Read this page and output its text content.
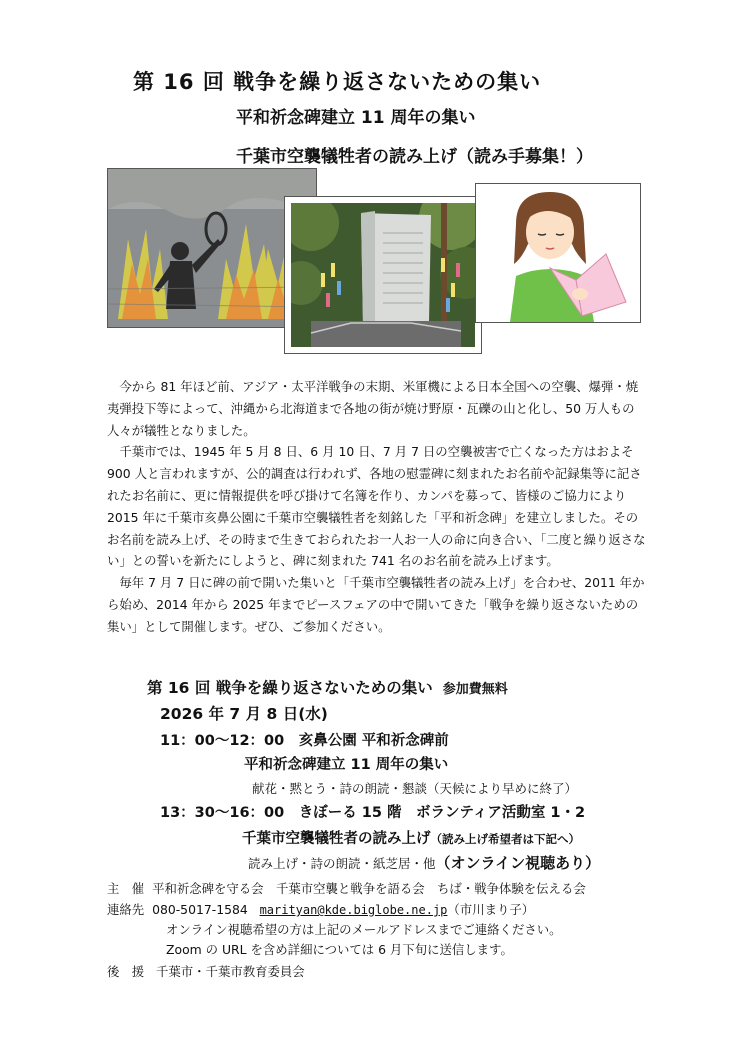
第 16 回 戦争を繰り返さないための集い
平和祈念碑建立 11 周年の集い
千葉市空襲犠牲者の読み上げ（読み手募集！）

今から 81 年ほど前、アジア・太平洋戦争の末期、米軍機による日本全国への空襲、爆弾・焼夷弾投下等によって、沖縄から北海道まで各地の街が焼け野原・瓦礫の山と化し、50 万人もの人々が犠牲となりました。

千葉市では、1945 年 5 月 8 日、6 月 10 日、7 月 7 日の空襲被害で亡くなった方はおよそ 900 人と言われますが、公的調査は行われず、各地の慰霊碑に刻まれたお名前や記録集等に記されたお名前に、更に情報提供を呼び掛けて名簿を作り、カンパを募って、皆様のご協力により 2015 年に千葉市亥鼻公園に千葉市空襲犠牲者を刻銘した「平和祈念碑」を建立しました。そのお名前を読み上げ、その時まで生きておられたお一人お一人の命に向き合い、「二度と繰り返さない」との誓いを新たにしようと、碑に刻まれた 741 名のお名前を読み上げます。

毎年 7 月 7 日に碑の前で開いた集いと「千葉市空襲犠牲者の読み上げ」を合わせ、2011 年から始め、2014 年から 2025 年までピースフェアの中で開いてきた「戦争を繰り返さないための集い」として開催します。ぜひ、ご参加ください。

第 16 回 戦争を繰り返さないための集い 参加費無料
2026 年 7 月 8 日(水)
11：00～12：00　亥鼻公園 平和祈念碑前
平和祈念碑建立 11 周年の集い
献花・黙とう・詩の朗読・懇談（天候により早めに終了）
13：30～16：00　きぼーる 15 階　ボランティア活動室 1・2
千葉市空襲犠牲者の読み上げ（読み上げ希望者は下記へ）
読み上げ・詩の朗読・紙芝居・他（オンライン視聴あり）
主　催 平和祈念碑を守る会　千葉市空襲と戦争を語る会　ちば・戦争体験を伝える会
連絡先 080-5017-1584 marityan@kde.biglobe.ne.jp（市川まり子）
オンライン視聴希望の方は上記のメールアドレスまでご連絡ください。
Zoom の URL を含め詳細については 6 月下旬に送信します。
後　援 千葉市・千葉市教育委員会
